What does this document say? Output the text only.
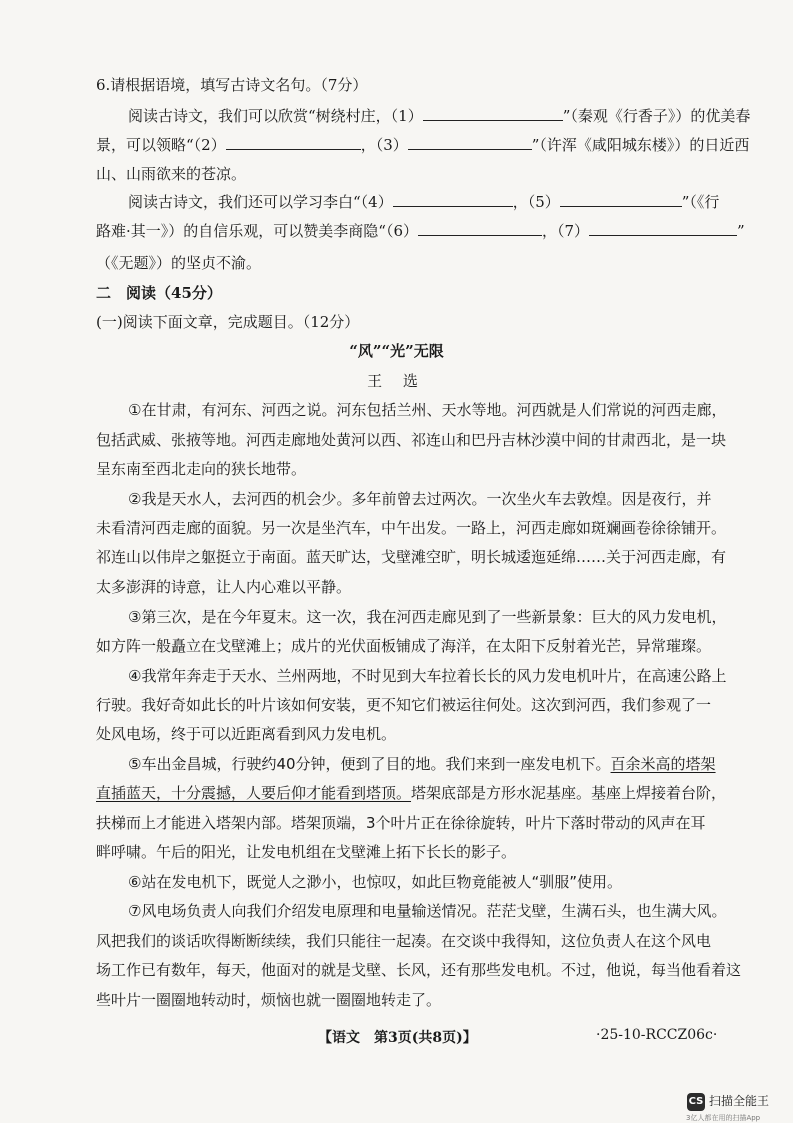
6.请根据语境，填写古诗文名句。（7分）
阅读古诗文，我们可以欣赏“树绕村庄，（1）	”（秦观《行香子》）的优美春
景，可以领略“（2）	，（3）	”（许浑《咸阳城东楼》）的日近西
山、山雨欲来的苍凉。
阅读古诗文，我们还可以学习李白“（4）	，（5）	”（《行
路难·其一》）的自信乐观，可以赞美李商隐“（6）	，（7）	”
（《无题》）的坚贞不渝。
二　阅读（45分）
(一)阅读下面文章，完成题目。（12分）
“风”“光”无限
王 选
①在甘肃，有河东、河西之说。河东包括兰州、天水等地。河西就是人们常说的河西走廊，
包括武威、张掖等地。河西走廊地处黄河以西、祁连山和巴丹吉林沙漠中间的甘肃西北，是一块
呈东南至西北走向的狭长地带。
②我是天水人，去河西的机会少。多年前曾去过两次。一次坐火车去敦煌。因是夜行，并
未看清河西走廊的面貌。另一次是坐汽车，中午出发。一路上，河西走廊如斑斓画卷徐徐铺开。
祁连山以伟岸之躯挺立于南面。蓝天旷达，戈壁滩空旷，明长城逶迤延绵……关于河西走廊，有
太多澎湃的诗意，让人内心难以平静。
③第三次，是在今年夏末。这一次，我在河西走廊见到了一些新景象：巨大的风力发电机，
如方阵一般矗立在戈壁滩上；成片的光伏面板铺成了海洋，在太阳下反射着光芒，异常璀璨。
④我常年奔走于天水、兰州两地，不时见到大车拉着长长的风力发电机叶片，在高速公路上
行驶。我好奇如此长的叶片该如何安装，更不知它们被运往何处。这次到河西，我们参观了一
处风电场，终于可以近距离看到风力发电机。
⑤车出金昌城，行驶约40分钟，便到了目的地。我们来到一座发电机下。百余米高的塔架
直插蓝天，十分震撼，人要后仰才能看到塔顶。塔架底部是方形水泥基座。基座上焊接着台阶，
扶梯而上才能进入塔架内部。塔架顶端，3个叶片正在徐徐旋转，叶片下落时带动的风声在耳
畔呼啸。午后的阳光，让发电机组在戈壁滩上拓下长长的影子。
⑥站在发电机下，既觉人之渺小，也惊叹，如此巨物竟能被人“驯服”使用。
⑦风电场负责人向我们介绍发电原理和电量输送情况。茫茫戈壁，生满石头，也生满大风。
风把我们的谈话吹得断断续续，我们只能往一起凑。在交谈中我得知，这位负责人在这个风电
场工作已有数年，每天，他面对的就是戈壁、长风，还有那些发电机。不过，他说，每当他看着这
些叶片一圈圈地转动时，烦恼也就一圈圈地转走了。
【语文　第3页(共8页)】	·25-10-RCCZ06c·
CS 扫描全能王
3亿人都在用的扫描App
